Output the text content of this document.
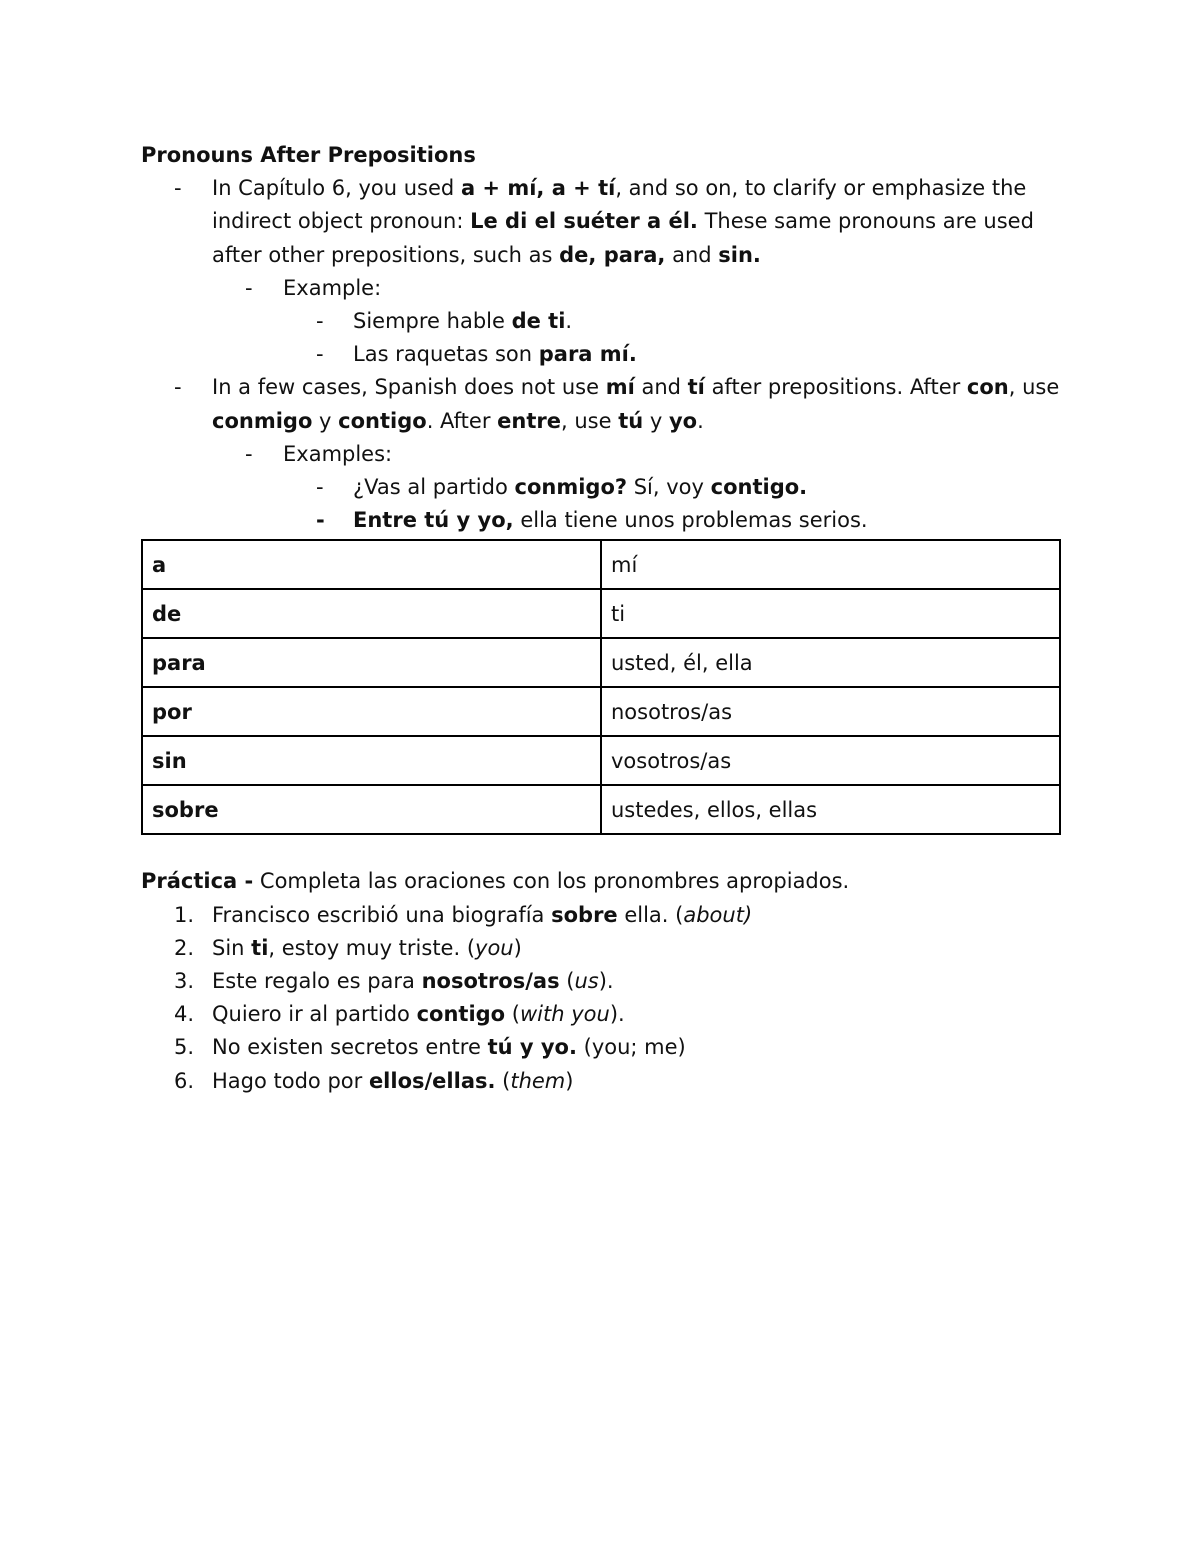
Pronouns After Prepositions

- In Capítulo 6, you used a + mí, a + tí, and so on, to clarify or emphasize the indirect object pronoun: Le di el suéter a él. These same pronouns are used after other prepositions, such as de, para, and sin.
- Example:
- Siempre hable de ti.
- Las raquetas son para mí.
- In a few cases, Spanish does not use mí and tí after prepositions. After con, use conmigo y contigo. After entre, use tú y yo.
- Examples:
- ¿Vas al partido conmigo? Sí, voy contigo.
- Entre tú y yo, ella tiene unos problemas serios.
a	mí
de	ti
para	usted, él, ella
por	nosotros/as
sin	vosotros/as
sobre	ustedes, ellos, ellas

Práctica - Completa las oraciones con los pronombres apropiados.

1. Francisco escribió una biografía sobre ella. (about)
2. Sin ti, estoy muy triste. (you)
3. Este regalo es para nosotros/as (us).
4. Quiero ir al partido contigo (with you).
5. No existen secretos entre tú y yo. (you; me)
6. Hago todo por ellos/ellas. (them)
